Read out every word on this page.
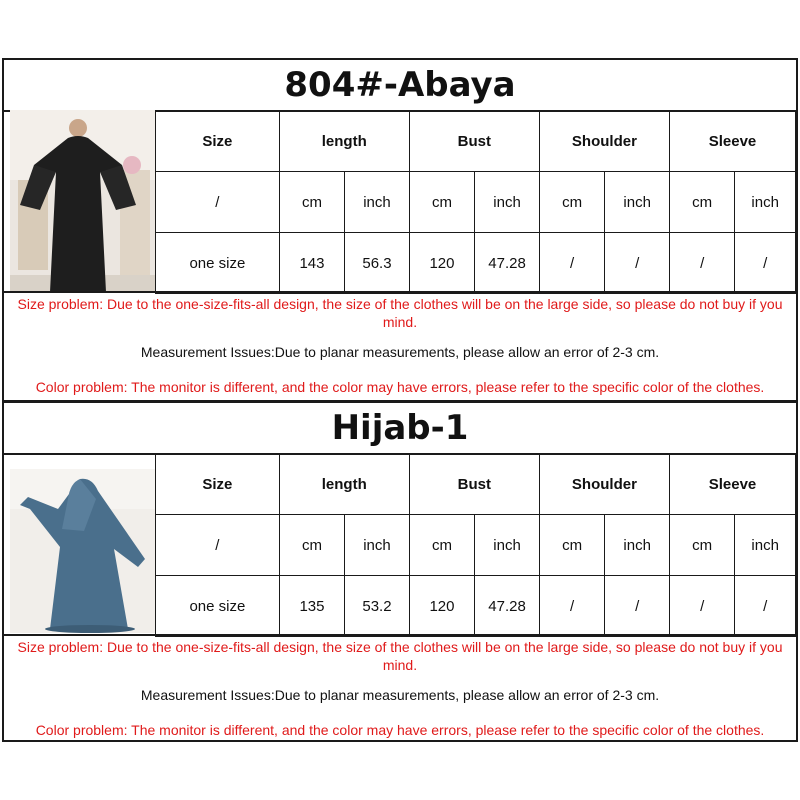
804#-Abaya
Size	length		Bust		Shoulder		Sleeve	
/	cm	inch	cm	inch	cm	inch	cm	inch
one size	143	56.3	120	47.28	/	/	/	/
Size problem: Due to the one-size-fits-all design, the size of the clothes will be on the large side, so please do not buy if you mind.
Measurement Issues:Due to planar measurements, please allow an error of 2-3 cm.
Color problem: The monitor is different, and the color may have errors, please refer to the specific color of the clothes.
Hijab-1
Size	length		Bust		Shoulder		Sleeve	
/	cm	inch	cm	inch	cm	inch	cm	inch
one size	135	53.2	120	47.28	/	/	/	/
Size problem: Due to the one-size-fits-all design, the size of the clothes will be on the large side, so please do not buy if you mind.
Measurement Issues:Due to planar measurements, please allow an error of 2-3 cm.
Color problem: The monitor is different, and the color may have errors, please refer to the specific color of the clothes.
